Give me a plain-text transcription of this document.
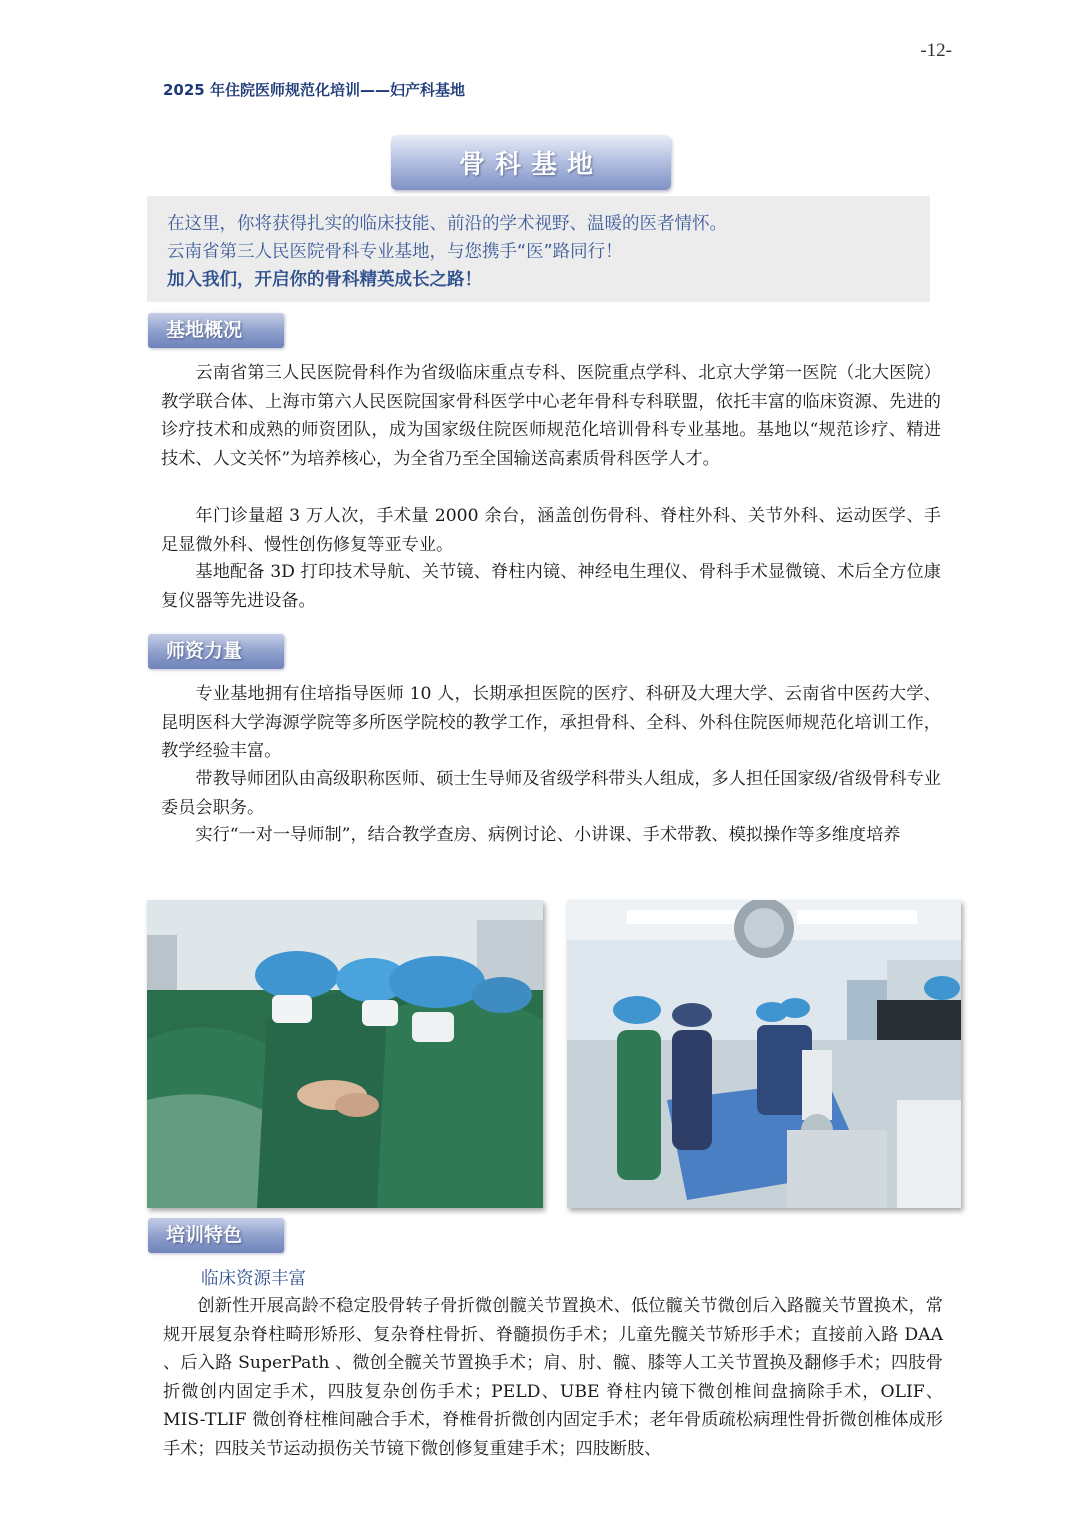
-12-
2025 年住院医师规范化培训——妇产科基地
骨科基地
在这里，你将获得扎实的临床技能、前沿的学术视野、温暖的医者情怀。
云南省第三人民医院骨科专业基地，与您携手“医”路同行！
加入我们，开启你的骨科精英成长之路！
基地概况

云南省第三人民医院骨科作为省级临床重点专科、医院重点学科、北京大学第一医院（北大医院）教学联合体、上海市第六人民医院国家骨科医学中心老年骨科专科联盟，依托丰富的临床资源、先进的诊疗技术和成熟的师资团队，成为国家级住院医师规范化培训骨科专业基地。基地以“规范诊疗、精进技术、人文关怀”为培养核心，为全省乃至全国输送高素质骨科医学人才。

年门诊量超 3 万人次，手术量 2000 余台，涵盖创伤骨科、脊柱外科、关节外科、运动医学、手足显微外科、慢性创伤修复等亚专业。

基地配备 3D 打印技术导航、关节镜、脊柱内镜、神经电生理仪、骨科手术显微镜、术后全方位康复仪器等先进设备。

师资力量

专业基地拥有住培指导医师 10 人，长期承担医院的医疗、科研及大理大学、云南省中医药大学、昆明医科大学海源学院等多所医学院校的教学工作，承担骨科、全科、外科住院医师规范化培训工作，教学经验丰富。

带教导师团队由高级职称医师、硕士生导师及省级学科带头人组成，多人担任国家级/省级骨科专业委员会职务。

实行“一对一导师制”，结合教学查房、病例讨论、小讲课、手术带教、模拟操作等多维度培养

培训特色
临床资源丰富

创新性开展高龄不稳定股骨转子骨折微创髋关节置换术、低位髋关节微创后入路髋关节置换术，常规开展复杂脊柱畸形矫形、复杂脊柱骨折、脊髓损伤手术；儿童先髋关节矫形手术；直接前入路 DAA 、后入路 SuperPath 、微创全髋关节置换手术；肩、肘、髋、膝等人工关节置换及翻修手术；四肢骨折微创内固定手术，四肢复杂创伤手术；PELD、UBE 脊柱内镜下微创椎间盘摘除手术，OLIF、MIS-TLIF 微创脊柱椎间融合手术，脊椎骨折微创内固定手术；老年骨质疏松病理性骨折微创椎体成形手术；四肢关节运动损伤关节镜下微创修复重建手术；四肢断肢、
